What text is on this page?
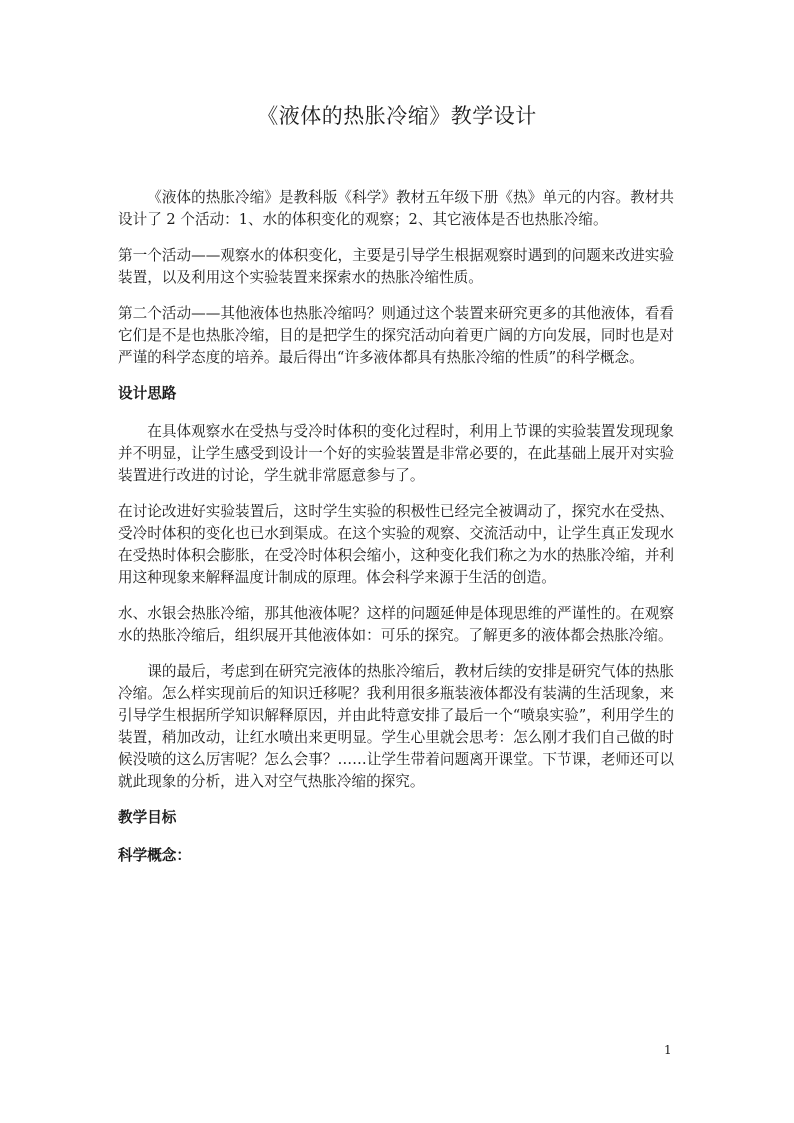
《液体的热胀冷缩》教学设计

《液体的热胀冷缩》是教科版《科学》教材五年级下册《热》单元的内容。教材共设计了 2 个活动：1、水的体积变化的观察；2、其它液体是否也热胀冷缩。

第一个活动——观察水的体积变化，主要是引导学生根据观察时遇到的问题来改进实验装置，以及利用这个实验装置来探索水的热胀冷缩性质。

第二个活动——其他液体也热胀冷缩吗？则通过这个装置来研究更多的其他液体，看看它们是不是也热胀冷缩，目的是把学生的探究活动向着更广阔的方向发展，同时也是对严谨的科学态度的培养。最后得出“许多液体都具有热胀冷缩的性质”的科学概念。

设计思路

在具体观察水在受热与受冷时体积的变化过程时，利用上节课的实验装置发现现象并不明显，让学生感受到设计一个好的实验装置是非常必要的，在此基础上展开对实验装置进行改进的讨论，学生就非常愿意参与了。

在讨论改进好实验装置后，这时学生实验的积极性已经完全被调动了，探究水在受热、受冷时体积的变化也已水到渠成。在这个实验的观察、交流活动中，让学生真正发现水在受热时体积会膨胀，在受冷时体积会缩小，这种变化我们称之为水的热胀冷缩，并利用这种现象来解释温度计制成的原理。体会科学来源于生活的创造。

水、水银会热胀冷缩，那其他液体呢？这样的问题延伸是体现思维的严谨性的。在观察水的热胀冷缩后，组织展开其他液体如：可乐的探究。了解更多的液体都会热胀冷缩。

课的最后，考虑到在研究完液体的热胀冷缩后，教材后续的安排是研究气体的热胀冷缩。怎么样实现前后的知识迁移呢？我利用很多瓶装液体都没有装满的生活现象，来引导学生根据所学知识解释原因，并由此特意安排了最后一个“喷泉实验”，利用学生的装置，稍加改动，让红水喷出来更明显。学生心里就会思考：怎么刚才我们自己做的时候没喷的这么厉害呢？怎么会事？……让学生带着问题离开课堂。下节课，老师还可以就此现象的分析，进入对空气热胀冷缩的探究。

教学目标
科学概念：
1
